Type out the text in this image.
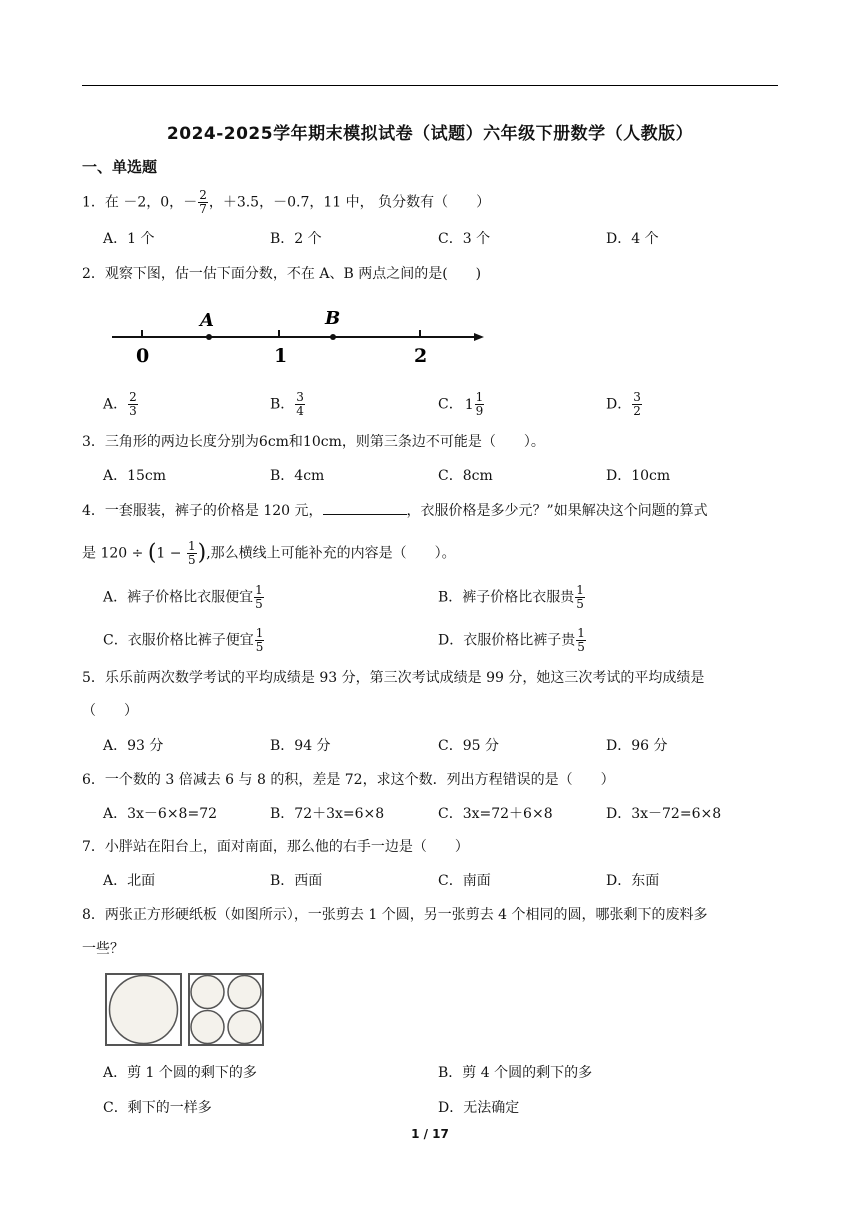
2024-2025学年期末模拟试卷（试题）六年级下册数学（人教版）
一、单选题
1．在 －2，0，－ $\frac{2}{7}$ ，＋3.5，－0.7，11 中， 负分数有（　　）
A．1 个	B．2 个	C．3 个	D．4 个
2．观察下图，估一估下面分数，不在 A、B 两点之间的是(　　)
A	B
0	1	2
A． $\frac{2}{3}$	B． $\frac{3}{4}$	C． $1 \frac{1}{9}$	D． $\frac{3}{2}$
3．三角形的两边长度分别为6cm和10cm，则第三条边不可能是（　　）。
A．15cm	B．4cm	C．8cm	D．10cm
4．一套服装，裤子的价格是 120 元，	，衣服价格是多少元？”如果解决这个问题的算式
是 $120 \div (1 - \frac{1}{5}$ ),那么横线上可能补充的内容是（　　）。
A．裤子价格比衣服便宜 $\frac{1}{5}$	B．裤子价格比衣服贵 $\frac{1}{5}$
C．衣服价格比裤子便宜 $\frac{1}{5}$	D．衣服价格比裤子贵 $\frac{1}{5}$
5．乐乐前两次数学考试的平均成绩是 93 分，第三次考试成绩是 99 分，她这三次考试的平均成绩是
（　　）
A．93 分	B．94 分	C．95 分	D．96 分
6．一个数的 3 倍减去 6 与 8 的积，差是 72，求这个数．列出方程错误的是（　　）
A．3x－6×8=72	B．72＋3x=6×8	C．3x=72＋6×8	D．3x－72=6×8
7．小胖站在阳台上，面对南面，那么他的右手一边是（　　）
A．北面	B．西面	C．南面	D．东面
8．两张正方形硬纸板（如图所示），一张剪去 1 个圆，另一张剪去 4 个相同的圆，哪张剩下的废料多
一些？
A．剪 1 个圆的剩下的多	B．剪 4 个圆的剩下的多
C．剩下的一样多	D．无法确定
1 / 17
